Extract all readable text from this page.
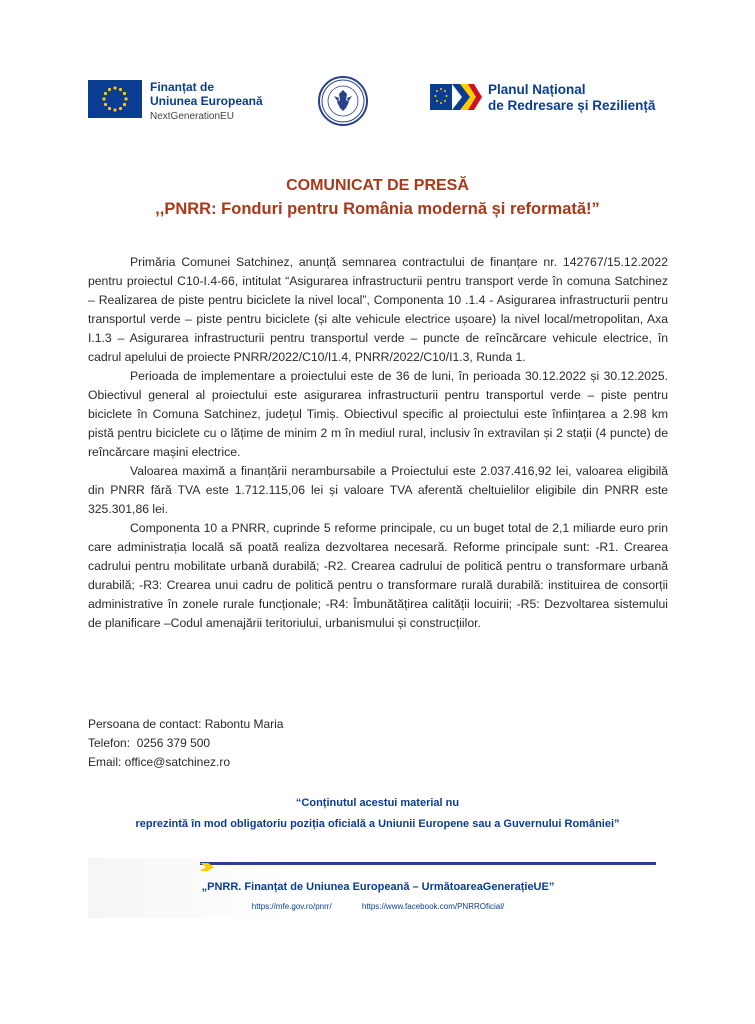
Finanțat de
Uniunea Europeană
NextGenerationEU
Planul Național
de Redresare și Reziliență
COMUNICAT DE PRESĂ
,,PNRR: Fonduri pentru România modernă și reformată!”

Primăria Comunei Satchinez, anunță semnarea contractului de finanțare nr. 142767/15.12.2022 pentru proiectul C10-I.4-66, intitulat “Asigurarea infrastructurii pentru transport verde în comuna Satchinez – Realizarea de piste pentru biciclete la nivel local”, Componenta 10 .1.4 - Asigurarea infrastructurii pentru transportul verde – piste pentru biciclete (și alte vehicule electrice ușoare) la nivel local/metropolitan, Axa I.1.3 – Asigurarea infrastructurii pentru transportul verde – puncte de reîncărcare vehicule electrice, în cadrul apelului de proiecte PNRR/2022/C10/I1.4, PNRR/2022/C10/I1.3, Runda 1.

Perioada de implementare a proiectului este de 36 de luni, în perioada 30.12.2022 și 30.12.2025. Obiectivul general al proiectului este asigurarea infrastructurii pentru transportul verde – piste pentru biciclete în Comuna Satchinez, județul Timiș. Obiectivul specific al proiectului este înființarea a 2.98 km pistă pentru biciclete cu o lățime de minim 2 m în mediul rural, inclusiv în extravilan și 2 stații (4 puncte) de reîncărcare mașini electrice.

Valoarea maximă a finanțării nerambursabile a Proiectului este 2.037.416,92 lei, valoarea eligibilă din PNRR fără TVA este 1.712.115,06 lei și valoare TVA aferentă cheltuielilor eligibile din PNRR este 325.301,86 lei.

Componenta 10 a PNRR, cuprinde 5 reforme principale, cu un buget total de 2,1 miliarde euro prin care administrația locală să poată realiza dezvoltarea necesară. Reforme principale sunt: -R1. Crearea cadrului pentru mobilitate urbană durabilă; -R2. Crearea cadrului de politică pentru o transformare urbană durabilă; -R3: Crearea unui cadru de politică pentru o transformare rurală durabilă: instituirea de consorții administrative în zonele rurale funcționale; -R4: Îmbunătățirea calității locuirii; -R5: Dezvoltarea sistemului de planificare –Codul amenajării teritoriului, urbanismului și construcțiilor.

Persoana de contact: Rabontu Maria
Telefon:  0256 379 500
Email: office@satchinez.ro
“Conținutul acestui material nu
reprezintă în mod obligatoriu poziția oficială a Uniunii Europene sau a Guvernului României”
„PNRR. Finanțat de Uniunea Europeană – UrmătoareaGenerațieUE”
https://mfe.gov.ro/pnrr/	https://www.facebook.com/PNRROficial/
